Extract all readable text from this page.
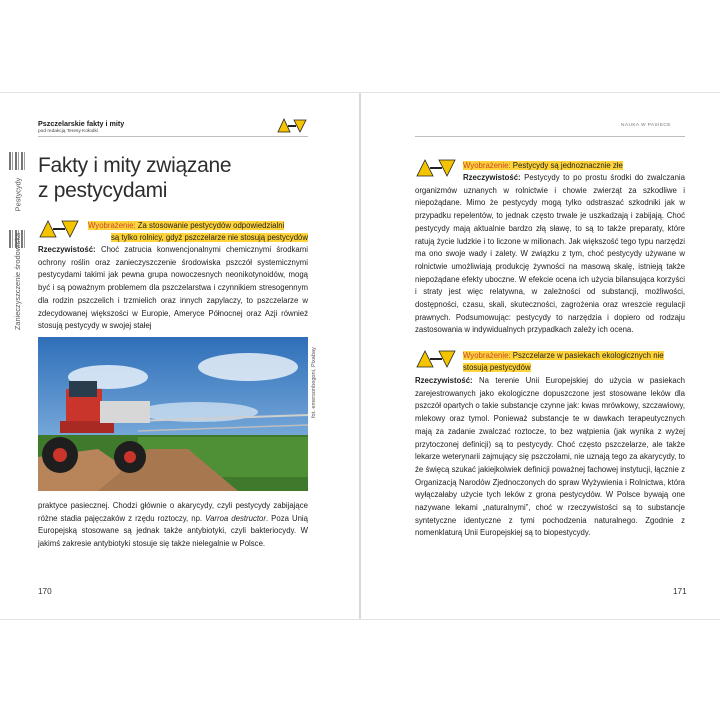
Pszczelarskie fakty i mity
pod redakcją Teresy Kołodki
Pestycydy
Zanieczyszczenie środowiska
Fakty i mity związane
z pestycydami
Wyobrażenie: Za stosowanie pestycydów odpowiedzialni
są tylko rolnicy, gdyż pszczelarze nie stosują pestycydów
Rzeczywistość: Choć zatrucia konwencjonalnymi chemicznymi środkami ochrony roślin oraz zanieczyszczenie środowiska pszczół systemicznymi pestycydami takimi jak pewna grupa nowoczesnych neonikotynoidów, mogą być i są poważnym problemem dla pszczelarstwa i czynnikiem stresogennym dla rodzin pszczelich i trzmielich oraz innych zapylaczy, to pszczelarze w zdecydowanej większości w Europie, Ameryce Północnej oraz Azji również stosują pestycydy w swojej stałej
fot. emersonbegoni, Pixabay
praktyce pasiecznej. Chodzi głównie o akarycydy, czyli pestycydy zabijające różne stadia pajęczaków z rzędu roztoczy, np. Varroa destructor. Poza Unią Europejską stosowane są jednak także antybiotyki, czyli bakteriocydy. W jakimś zakresie antybiotyki stosuje się także nielegalnie w Polsce.
170
NAUKA W PASIECE
Wyobrażenie: Pestycydy są jednoznacznie złe
Rzeczywistość: Pestycydy to po prostu środki do zwalczania organizmów uznanych w rolnictwie i chowie zwierząt za szkodliwe i niepożądane. Mimo że pestycydy mogą tylko odstraszać szkodniki jak w przypadku repelentów, to jednak często trwale je uszkadzają i zabijają. Choć pestycydy mają aktualnie bardzo złą sławę, to są to także preparaty, które ratują życie ludzkie i to liczone w milionach. Jak większość tego typu narzędzi ma ono swoje wady i zalety. W związku z tym, choć pestycydy używane w rolnictwie umożliwiają produkcję żywności na masową skalę, istnieją także niepożądane efekty uboczne. W efekcie ocena ich użycia bilansująca korzyści i straty jest więc relatywna, w zależności od substancji, możliwości, dostępności, czasu, skali, skuteczności, zagrożenia oraz wreszcie regulacji prawnych. Podsumowując: pestycydy to narzędzia i dopiero od rodzaju zastosowania w indywidualnych przypadkach zależy ich ocena.
Wyobrażenie: Pszczelarze w pasiekach ekologicznych nie
stosują pestycydów
Rzeczywistość: Na terenie Unii Europejskiej do użycia w pasiekach zarejestrowanych jako ekologiczne dopuszczone jest stosowane leków dla pszczół opartych o takie substancje czynne jak: kwas mrówkowy, szczawiowy, mlekowy oraz tymol. Ponieważ substancje te w dawkach terapeutycznych mają za zadanie zwalczać roztocze, to bez wątpienia (jak wynika z wyżej przytoczonej definicji) są to pestycydy. Choć często pszczelarze, ale także lekarze weterynarii zajmujący się pszczołami, nie uznają tego za akarycydy, to źe święcą szukać jakiejkolwiek definicji poważnej fachowej instytucji, łącznie z Organizacją Narodów Zjednoczonych do spraw Wyżywienia i Rolnictwa, która wyłączałaby użycie tych leków z grona pestycydów. W Polsce bywają one nazywane lekami „naturalnymi”, choć w rzeczywistości są to substancje syntetyczne identyczne z tymi pochodzenia naturalnego. Zgodnie z nomenklaturą Unii Europejskiej są to biopestycydy.
171
